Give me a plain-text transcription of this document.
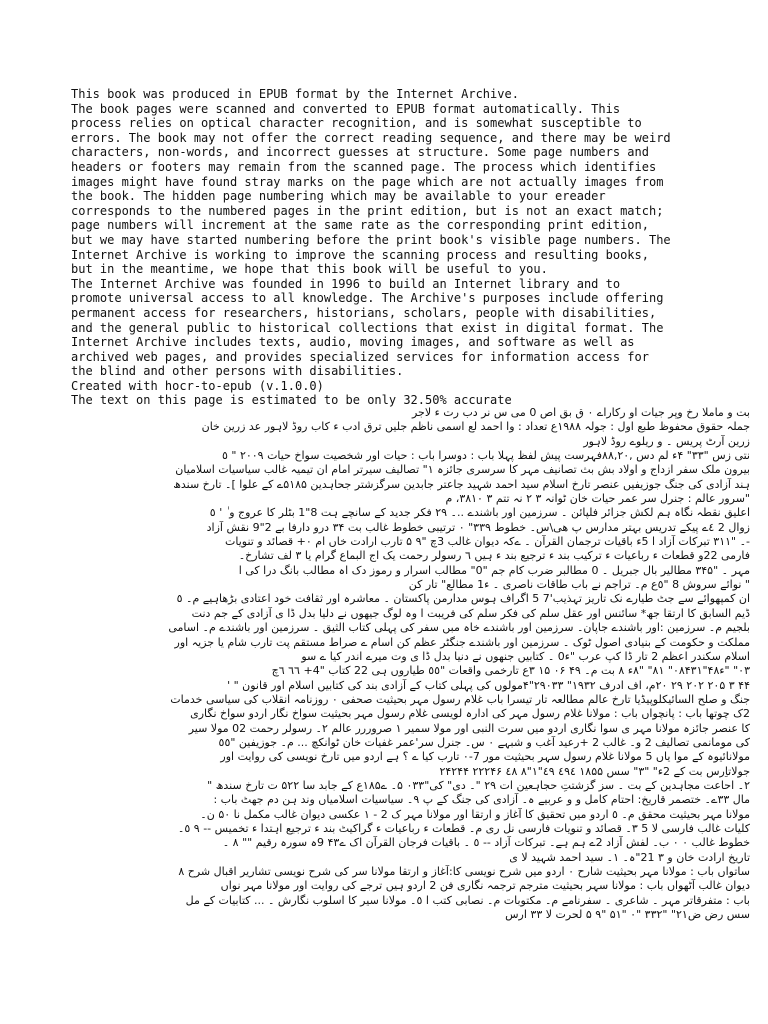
This book was produced in EPUB format by the Internet Archive.
The book pages were scanned and converted to EPUB format automatically. This
process relies on optical character recognition, and is somewhat susceptible to
errors. The book may not offer the correct reading sequence, and there may be weird
characters, non-words, and incorrect guesses at structure. Some page numbers and
headers or footers may remain from the scanned page. The process which identifies
images might have found stray marks on the page which are not actually images from
the book. The hidden page numbering which may be available to your ereader
corresponds to the numbered pages in the print edition, but is not an exact match;
page numbers will increment at the same rate as the corresponding print edition,
but we may have started numbering before the print book's visible page numbers. The
Internet Archive is working to improve the scanning process and resulting books,
but in the meantime, we hope that this book will be useful to you.
The Internet Archive was founded in 1996 to build an Internet library and to
promote universal access to all knowledge. The Archive's purposes include offering
permanent access for researchers, historians, scholars, people with disabilities,
and the general public to historical collections that exist in digital format. The
Internet Archive includes texts, audio, moving images, and software as well as
archived web pages, and provides specialized services for information access for
the blind and other persons with disabilities.
Created with hocr-to-epub (v.1.0.0)
The text on this page is estimated to be only 32.50% accurate
بت و ماملا رخ وپر جیات او رکاراے ۰ ق بق اص 0 می س نر دب رت ء لاجر
جملہ حقوق محفوظ طبع اول : جولہ ۱۹۸۸ع تعداد : وا احمد لع اسمی ناظم جلیں ترق ادب ء کاب روڈ لاہور عد زرین خان
زرین آرٹ پریس ۔ و ریلوے روڈ لاہور
نتی زس "۳۳" ۴ء لم دس ,۸۸,۲۰فہرست پیش لفظ پہلا باب : دوسرا باب : حیات اور شخصیت سواخ حیات ۲۰۰۹ " ٥
بیرون ملک سفر ازداج و اولاد بش بث تصانیف مہر کا سرسری جائزہ ۱" تصالیف سیرتر امام ان تیمیہ غالب سیاسیات اسلامیان
ہند آزادی کی جنگ جوزیفیں عنصر تارخ اسلام سید احمد شہید جاعتر جابدین سرگزشتر جحاہدین ۵۱۸۵ے کے علوا ]۔ تارخ سندھ
"سرور عالم : جنرل سر عمر حیات خان ٹوانہ ۳ ۲ نہ تتم ۳ ۳۸۱۰، م
اعلیق نقطہ نگاہ ہم لکش جزائر فلپائن ۔ سرزمین اور باشندے ..۔ ۲۹ فکر جدید کے سانچے ہت 8"1 بٹلر کا عروج و ٰ ' ٥
زوال 2 ٤ے پیکے تدریس بہتر مدارس پ ھی\س۔ خطوط ۳۳۹" ۰ ترتیبی خطوط غالب بت ۳۴ درو دارفا بے 2"9 نقش آزاد
-۔ "۳۱۱ تبرکات آزاد ا 5ء باقیات ترجمان القرآن ۔ ےکہ دیوان غالب 3چ "۹ ۵ تارب ارادت خاں ام ۰+ قصائد و تنویات
فارمی 22و قطعات ء رباعیات ء ترکیب بند ء ترجیع بند ء ہیں ٦ رسولر رحمت یک اج البماع گرام یا ۳ لف تشارخ۔
مہر ۔ "۳۴۵ مطالیر بال جبریل ۔ 0 مطالبر ضرب کام جم "0" مطالب اسرار و رموز دک اہ مطالب بانگ درا کی ا
" نوائے سروش 8 "٥ع م۔ تراجم نے باب طاقات ناصری ۔ ء1 مطالع" تار کن
ان کمپهوائے سے جٹ طیارے نک تاریز تہذیب'7 5 اگراف ہوس مدارمن پاکستان ۔ معاشرہ اور ثقافت خود اعتادی بڑھاہیے م۔ ٥
ڈیم السابق کا ارتقا جھ* سائنس اور عقل سلم کی فکر سلم کی فریبت ا وہ لوگ جیھوں نے دلیا بدل ڈا ی آزادی کے جم دنت
بلجیم م۔ سرزمین :اور باشندے جاپان۔ سرزمین اور باشندے خاہ مبں سفر کی پہلی کتاب الثیق ۔ سرزمین اور باشندے م۔ اسامی
مملکت و حکومت کے بنیادی اصول ٹوک ۔ سرزمین اور باشندے جنگٹر عظم کن اسام ے صراط مستقم پت تارب شام یا جزیہ اور
اسلام سکندر اعظم 2 تار ڈا کپ عرب "ء0 ۔ کتابیں جنھوں نے دنیا بدل ڈا ی وت میرے اندر کیا ے سو
۰۳" "ء۴۸"۰۸۴۳۱" ۸۱" "۸ء ۸ بت م۔ ۴۹ ۰۶ ۱۵ ۳ع تارخمی واقعات "٥٥ طیاروں ہی 22 کتاب "4+ ٦٦ ٦چ
۴۴ ۳ ۲۰۵ ۲۰۲ ۲۹ ۲۰م، اف ادرف ۱۹۳۲" ۲۹۰۳۳"۴مولوں کی پہلی کتاب کے آزادی بند کی کتابیں اسلام اور قانون " '
جنگ و صلح السائیکلوپیڈیا تارخ عالم مطالعہ تار تیسرا باب غلام رسول مہر بحیثیت صحفی ۰ روزنامہ انقلاب کی سیاسی خدمات
2ک چوتھا باب : پانچواں باب : مولانا غلام رسول مہر کی ادارہ لویسی غلام رسول مہر بحیثیت سواخ نگار اردو سواخ نگاری
کا عنصر جائزہ مولانا مہر ی سوا نگاری اردو میں سرت النبی اور مولا سمیر ۱ صروررر عالم ۲۔ رسولر رحمت 02 مولا سیر
کی مومانمی تصالیف 2 و۔ غالب 2 +رعید آغب و شبہے ۰ س۔ جنرل سر'عمر غفیات خان ٹوانکچ ... م۔ جوزیفین "٥٥
مولانائیوہ کے موا یاں 5 مولانا غلام رسول سہر بحیثیت مور 7-۰ تارب کیا ے ؟ ہے اردو میں تارخ نویسی کی روایت اور
جولاتاِرس بت کے 2ء" "۳" سس ۱۸۵۵ ٤٩٤ ٤٩"۱"۸ ٤۸ ۲۲۲۴۶ ۲۴۲۴۴
۲۔ احاعت مجاہدین کے بت ۔ سز گزشتتِ حجاہعین ات ۲۹ "۔ دی" کی"۰۳۳ ۵۔ ے۱۸۵ع کے جابد سا ۵۲۲ ت تارخ سندھ "
مال ۳۳ے۔ ختصمر قاریخ: احتام کامل و و عربیے ہ۔ آزادی کی جنگ کے پ ۹۔ سیاسیات اسلامیاں وند ہن دم جھٹ باب :
مولانا مہر بحیثیت محقق م۔ ٥ اردو میں تحقیق کا آغاز و ارتقا اور مولانا مہر ک 2 - ۱ عکسی دیوان غالب مکمل نا ۵۰ ن۔
کلیات غالب فارسی لا 5 ۳۔ قصائد و تنویات فارسی نل ری م۔ قطعات ء رباعیات ء گراکیٹ بند ء ترجیع اہتدا ء تخمیس -- ۹ ٥۔
خطوط غالب ۰ ۰ ب۔ لفش آزاد 2ے ہم ہے۔ تبرکات آزاد -- ٥ ۔ باقیات فرجان القرآن اک ے۴۳ 9ہ سورہ رقیم "" ۸ ۔
تاریخ ارادت خان و ۳ 21"ہ۔ ۱۔ سید احمد شہید لا ی
ساتواں باب : مولانا مہر بحیثیت شارح ۰ اردو میں شرح نویسی کا:آغاز و ارتقا مولانا سر کی شرح نویسی تشاریر اقبال شرح ۸
دیوان غالب آٹھواں باب : مولانا سہر بحیثیت مترجم ترجمہ نگاری فن 2 اردو ہیں ترجے کی روایت اور مولانا مہر نواں
باب : متفرقاتر مہر ۔ شاعری ۔ سفرنامے م۔ مکتوبات م۔ نصابی کتب ا ٥۔ مولانا سیر کا اسلوب نگارش ۔ ... کتابیات کے مل
سس رض ض۲۱" "۳۳۲ "۰ "۵۱ "۹ ۵ لحرت لا ۳۳ ارس
